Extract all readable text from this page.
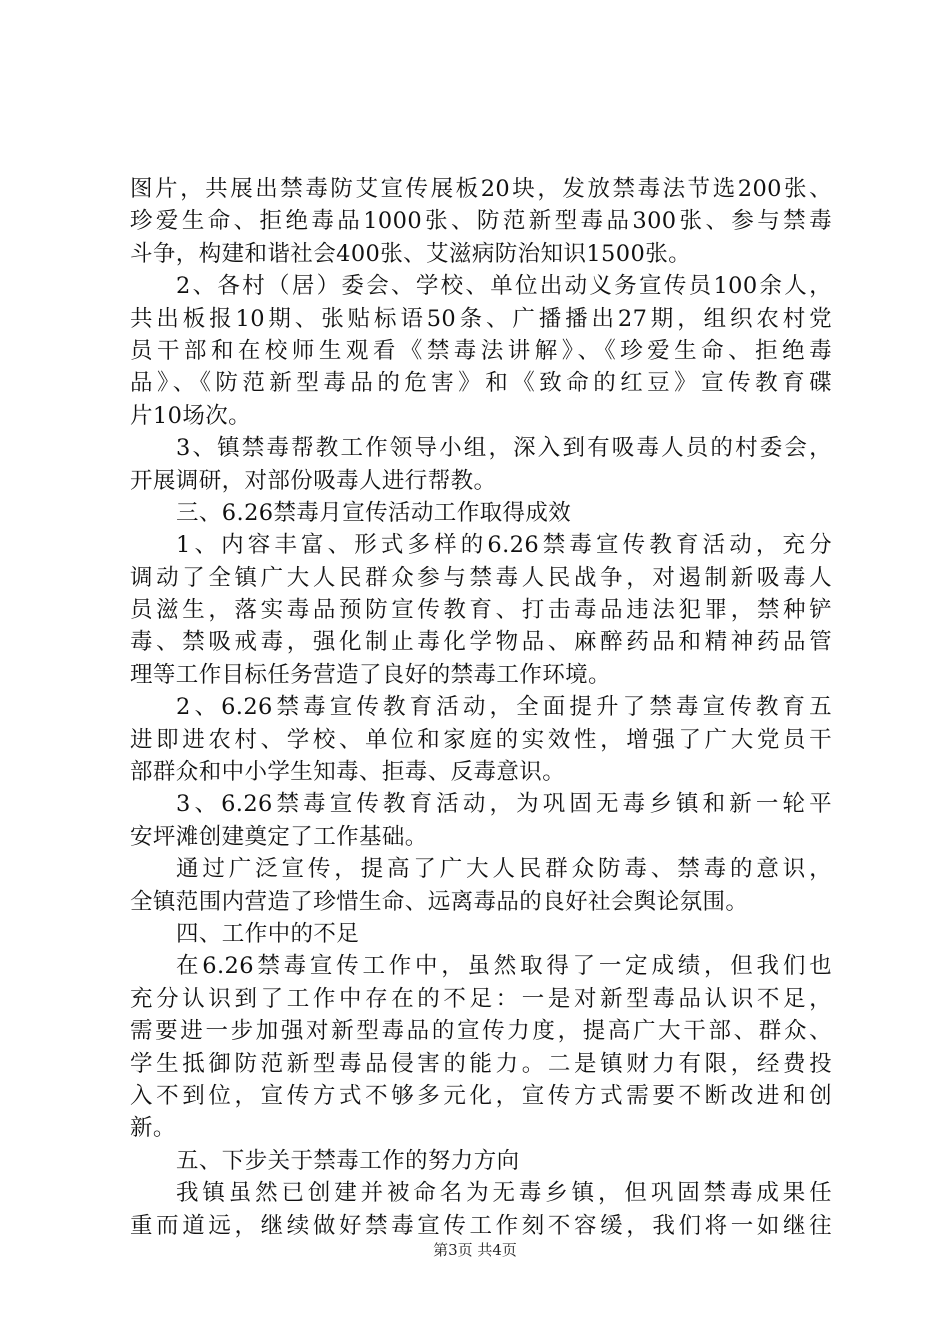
图片，共展出禁毒防艾宣传展板20块，发放禁毒法节选200张、
珍爱生命、拒绝毒品1000张、防范新型毒品300张、参与禁毒
斗争，构建和谐社会400张、艾滋病防治知识1500张。
2、各村（居）委会、学校、单位出动义务宣传员100余人，
共出板报10期、张贴标语50条、广播播出27期，组织农村党
员干部和在校师生观看《禁毒法讲解》、《珍爱生命、拒绝毒
品》、《防范新型毒品的危害》和《致命的红豆》宣传教育碟
片10场次。
3、镇禁毒帮教工作领导小组，深入到有吸毒人员的村委会，
开展调研，对部份吸毒人进行帮教。
三、6.26禁毒月宣传活动工作取得成效
1、内容丰富、形式多样的6.26禁毒宣传教育活动，充分
调动了全镇广大人民群众参与禁毒人民战争，对遏制新吸毒人
员滋生，落实毒品预防宣传教育、打击毒品违法犯罪，禁种铲
毒、禁吸戒毒，强化制止毒化学物品、麻醉药品和精神药品管
理等工作目标任务营造了良好的禁毒工作环境。
2、6.26禁毒宣传教育活动，全面提升了禁毒宣传教育五
进即进农村、学校、单位和家庭的实效性，增强了广大党员干
部群众和中小学生知毒、拒毒、反毒意识。
3、6.26禁毒宣传教育活动，为巩固无毒乡镇和新一轮平
安坪滩创建奠定了工作基础。
通过广泛宣传，提高了广大人民群众防毒、禁毒的意识，
全镇范围内营造了珍惜生命、远离毒品的良好社会舆论氛围。
四、工作中的不足
在6.26禁毒宣传工作中，虽然取得了一定成绩，但我们也
充分认识到了工作中存在的不足：一是对新型毒品认识不足，
需要进一步加强对新型毒品的宣传力度，提高广大干部、群众、
学生抵御防范新型毒品侵害的能力。二是镇财力有限，经费投
入不到位，宣传方式不够多元化，宣传方式需要不断改进和创
新。
五、下步关于禁毒工作的努力方向
我镇虽然已创建并被命名为无毒乡镇，但巩固禁毒成果任
重而道远，继续做好禁毒宣传工作刻不容缓，我们将一如继往
第3页 共4页
